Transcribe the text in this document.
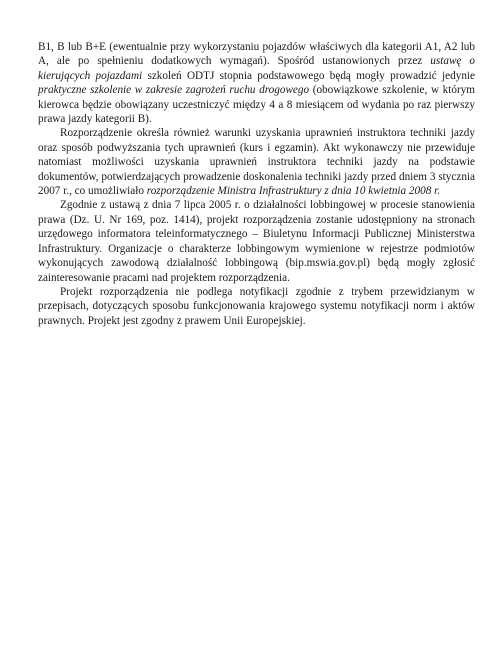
B1, B lub B+E (ewentualnie przy wykorzystaniu pojazdów właściwych dla kategorii A1, A2 lub A, ale po spełnieniu dodatkowych wymagań). Spośród ustanowionych przez ustawę o kierujących pojazdami szkoleń ODTJ stopnia podstawowego będą mogły prowadzić jedynie praktyczne szkolenie w zakresie zagrożeń ruchu drogowego (obowiązkowe szkolenie, w którym kierowca będzie obowiązany uczestniczyć między 4 a 8 miesiącem od wydania po raz pierwszy prawa jazdy kategorii B).

Rozporządzenie określa również warunki uzyskania uprawnień instruktora techniki jazdy oraz sposób podwyższania tych uprawnień (kurs i egzamin). Akt wykonawczy nie przewiduje natomiast możliwości uzyskania uprawnień instruktora techniki jazdy na podstawie dokumentów, potwierdzających prowadzenie doskonalenia techniki jazdy przed dniem 3 stycznia 2007 r., co umożliwiało rozporządzenie Ministra Infrastruktury z dnia 10 kwietnia 2008 r.

Zgodnie z ustawą z dnia 7 lipca 2005 r. o działalności lobbingowej w procesie stanowienia prawa (Dz. U. Nr 169, poz. 1414), projekt rozporządzenia zostanie udostępniony na stronach urzędowego informatora teleinformatycznego – Biuletynu Informacji Publicznej Ministerstwa Infrastruktury. Organizacje o charakterze lobbingowym wymienione w rejestrze podmiotów wykonujących zawodową działalność lobbingową (bip.mswia.gov.pl) będą mogły zgłosić zainteresowanie pracami nad projektem rozporządzenia.

Projekt rozporządzenia nie podlega notyfikacji zgodnie z trybem przewidzianym w przepisach, dotyczących sposobu funkcjonowania krajowego systemu notyfikacji norm i aktów prawnych. Projekt jest zgodny z prawem Unii Europejskiej.
